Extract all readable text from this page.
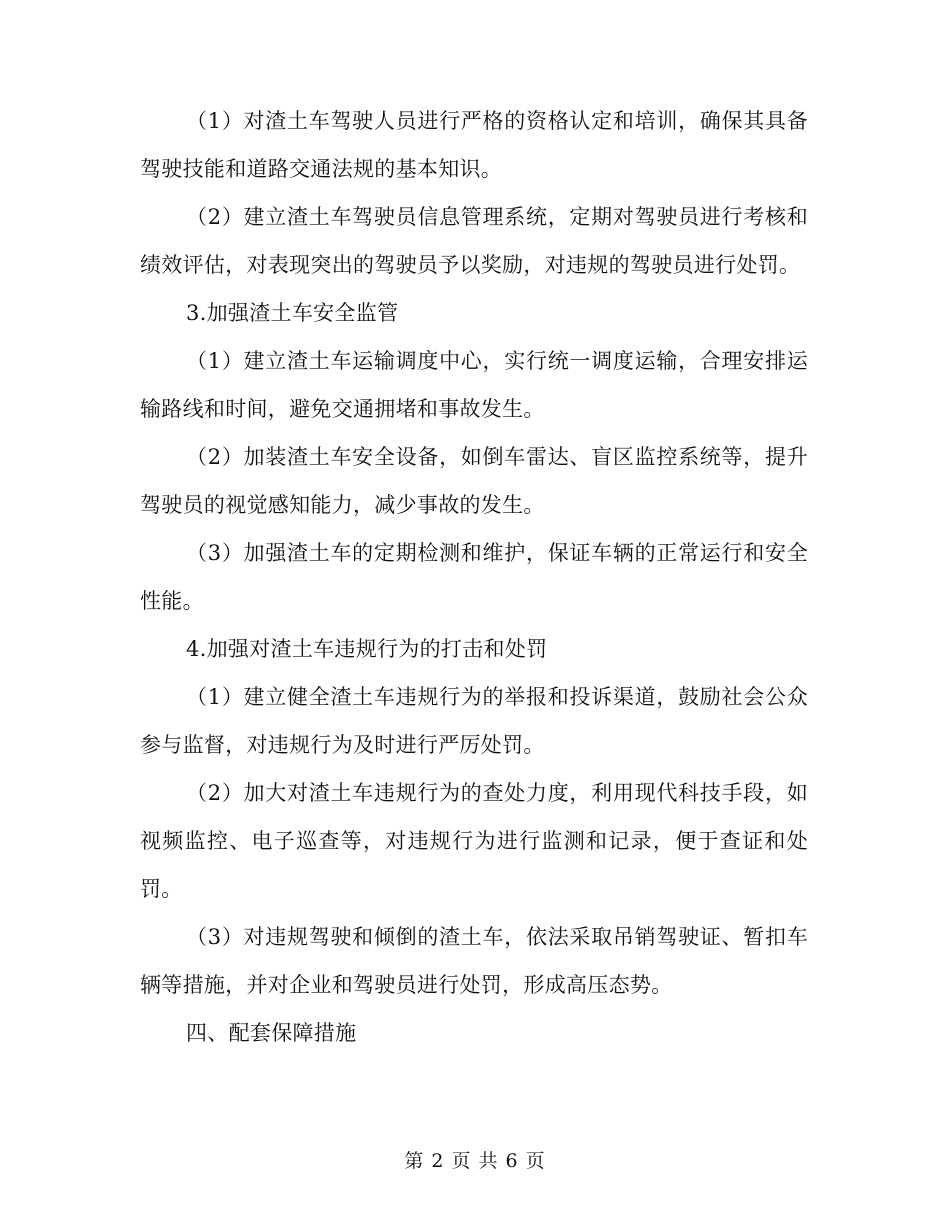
（1）对渣土车驾驶人员进行严格的资格认定和培训，确保其具备驾驶技能和道路交通法规的基本知识。

（2）建立渣土车驾驶员信息管理系统，定期对驾驶员进行考核和绩效评估，对表现突出的驾驶员予以奖励，对违规的驾驶员进行处罚。

3.加强渣土车安全监管

（1）建立渣土车运输调度中心，实行统一调度运输，合理安排运输路线和时间，避免交通拥堵和事故发生。

（2）加装渣土车安全设备，如倒车雷达、盲区监控系统等，提升驾驶员的视觉感知能力，减少事故的发生。

（3）加强渣土车的定期检测和维护，保证车辆的正常运行和安全性能。

4.加强对渣土车违规行为的打击和处罚

（1）建立健全渣土车违规行为的举报和投诉渠道，鼓励社会公众参与监督，对违规行为及时进行严厉处罚。

（2）加大对渣土车违规行为的查处力度，利用现代科技手段，如视频监控、电子巡查等，对违规行为进行监测和记录，便于查证和处罚。

（3）对违规驾驶和倾倒的渣土车，依法采取吊销驾驶证、暂扣车辆等措施，并对企业和驾驶员进行处罚，形成高压态势。

四、配套保障措施

第 2 页 共 6 页
